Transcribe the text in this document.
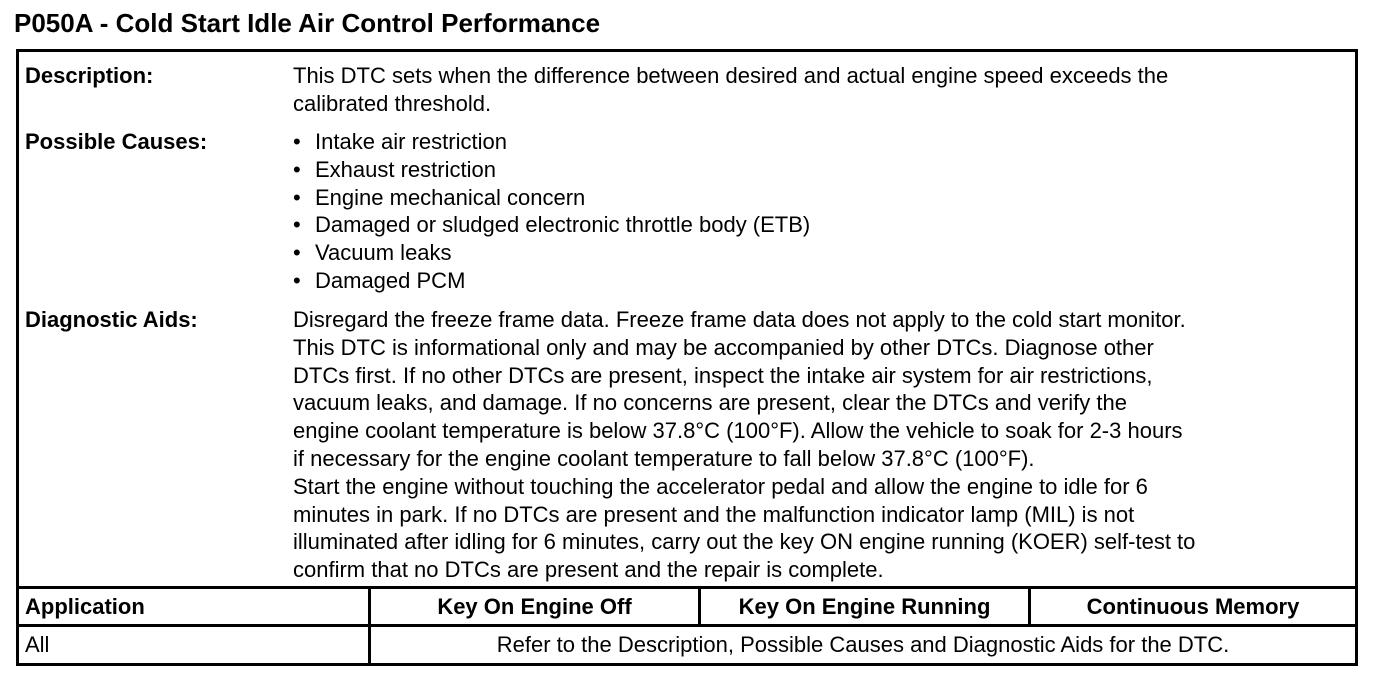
P050A - Cold Start Idle Air Control Performance
Description:	This DTC sets when the difference between desired and actual engine speed exceeds the
calibrated threshold.
Possible Causes:	• Intake air restriction
• Exhaust restriction
• Engine mechanical concern
• Damaged or sludged electronic throttle body (ETB)
• Vacuum leaks
• Damaged PCM
Diagnostic Aids:	Disregard the freeze frame data. Freeze frame data does not apply to the cold start monitor.
This DTC is informational only and may be accompanied by other DTCs. Diagnose other
DTCs first. If no other DTCs are present, inspect the intake air system for air restrictions,
vacuum leaks, and damage. If no concerns are present, clear the DTCs and verify the
engine coolant temperature is below 37.8°C (100°F). Allow the vehicle to soak for 2-3 hours
if necessary for the engine coolant temperature to fall below 37.8°C (100°F).
Start the engine without touching the accelerator pedal and allow the engine to idle for 6
minutes in park. If no DTCs are present and the malfunction indicator lamp (MIL) is not
illuminated after idling for 6 minutes, carry out the key ON engine running (KOER) self-test to
confirm that no DTCs are present and the repair is complete.
Application	Key On Engine Off	Key On Engine Running	Continuous Memory
All	Refer to the Description, Possible Causes and Diagnostic Aids for the DTC.
